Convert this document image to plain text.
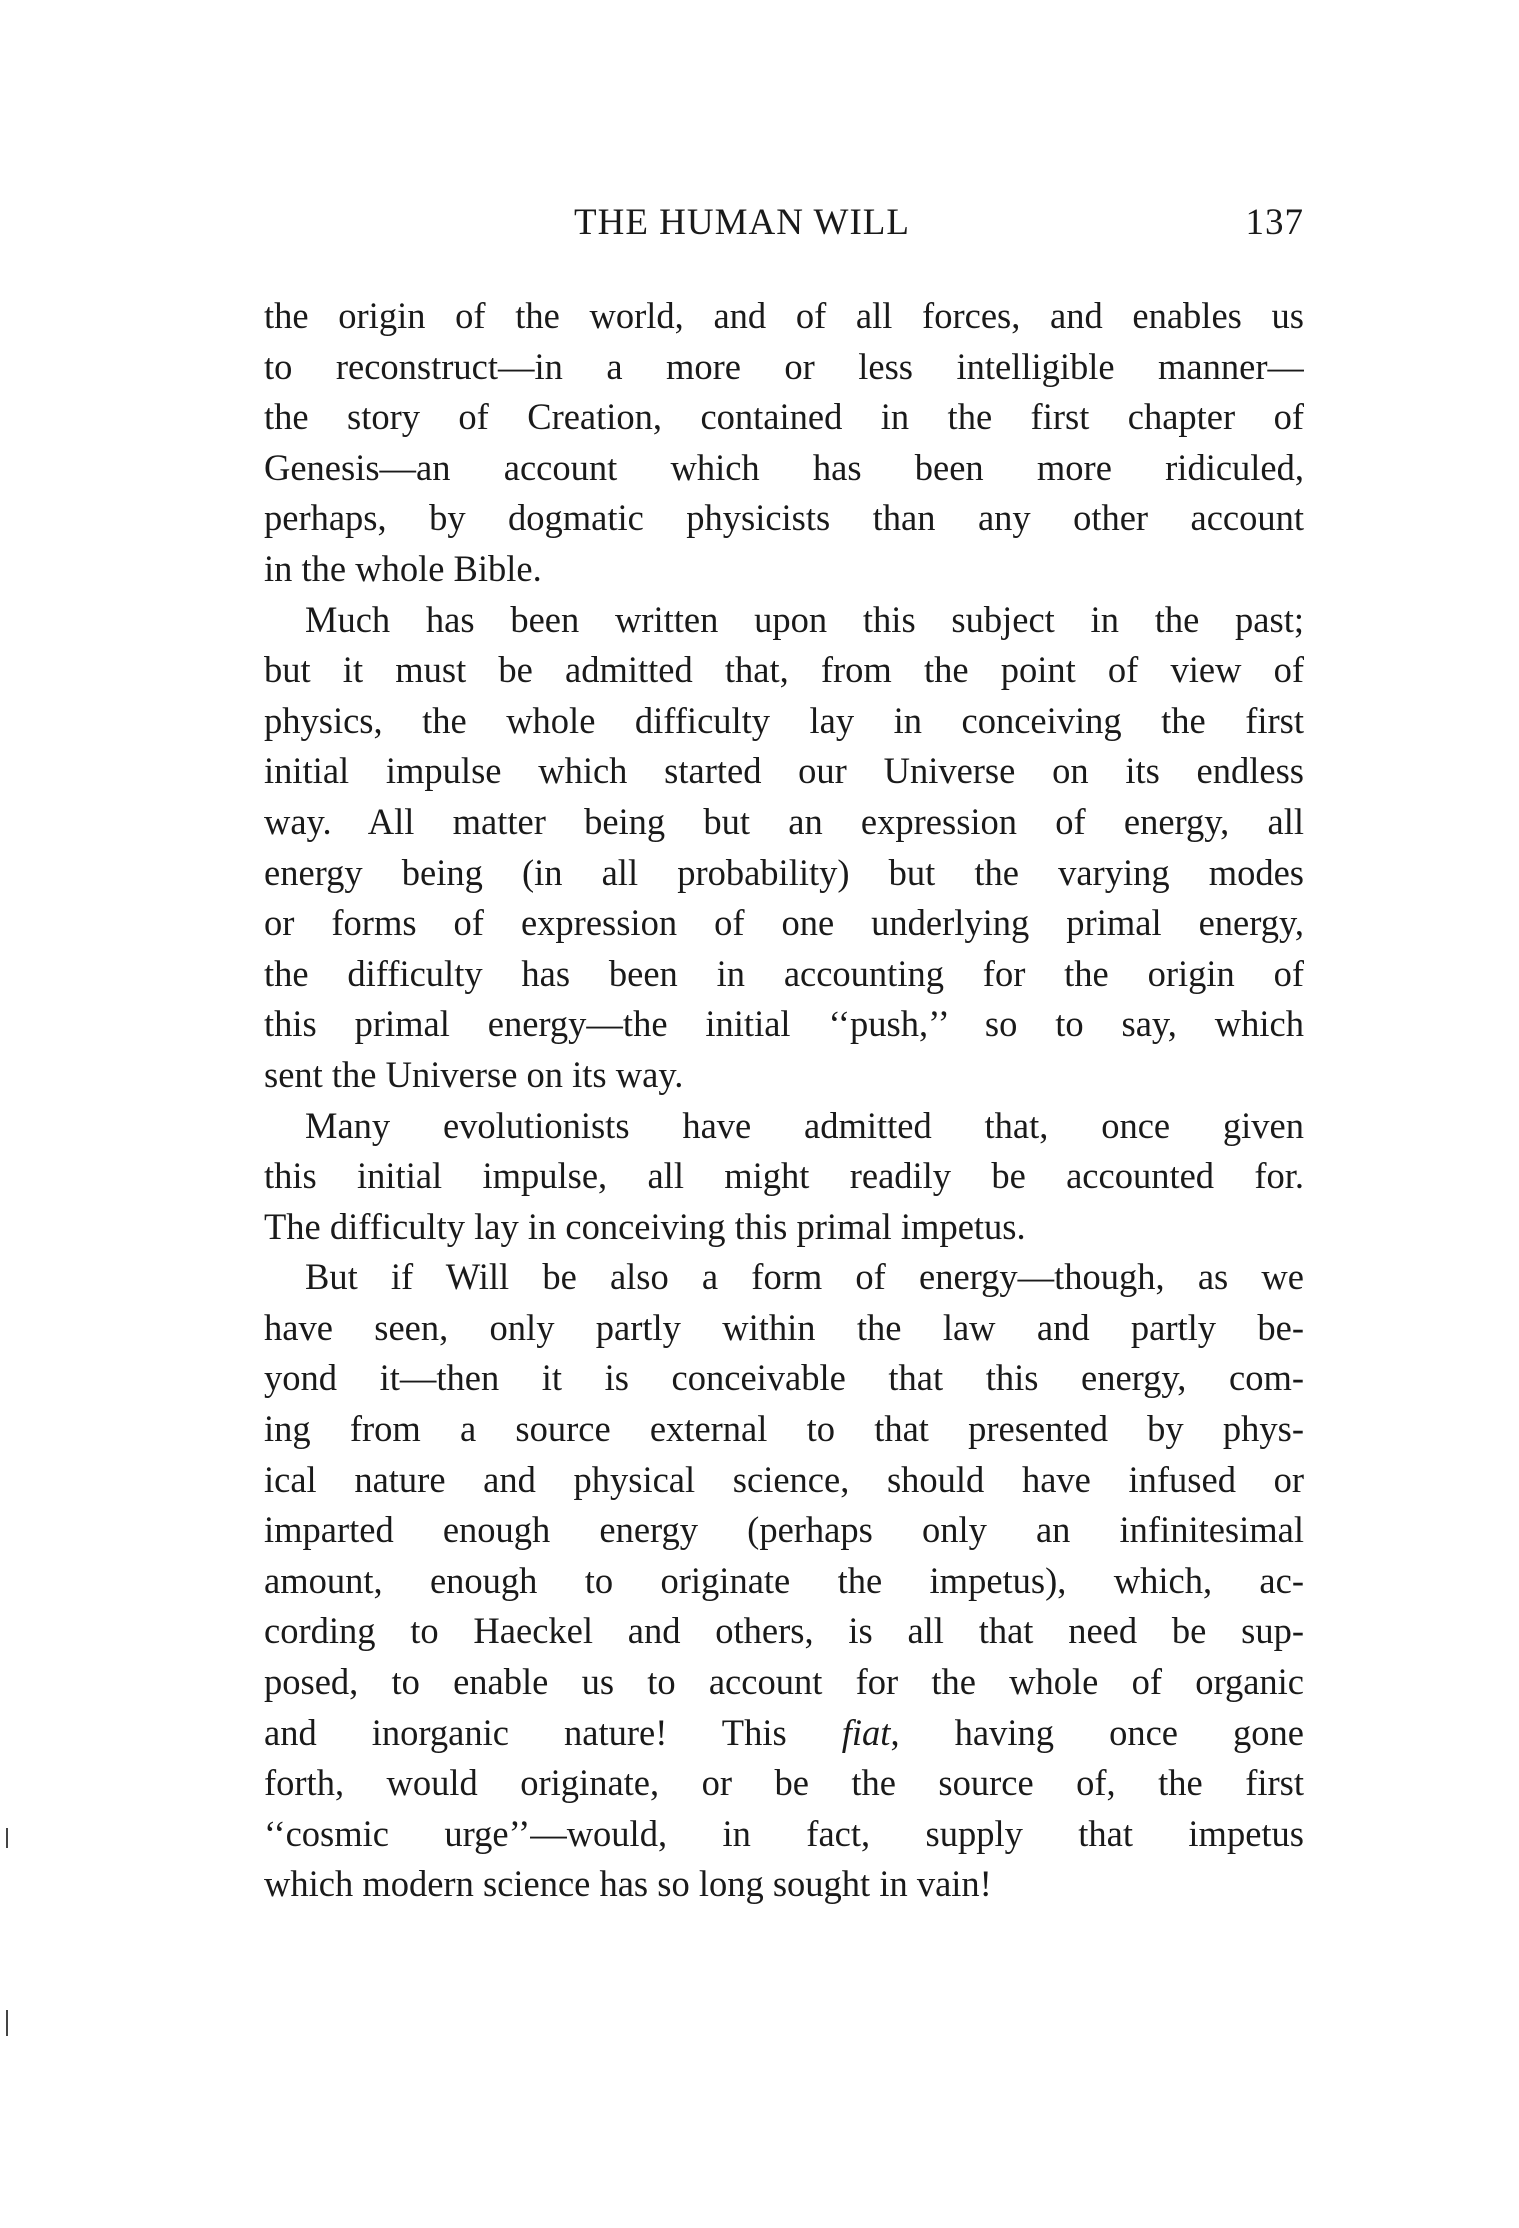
THE HUMAN WILL	137
the origin of the world, and of all forces, and enables us
to reconstruct—in a more or less intelligible manner—
the story of Creation, contained in the first chapter of
Genesis—an account which has been more ridiculed,
perhaps, by dogmatic physicists than any other account
in the whole Bible.
Much has been written upon this subject in the past;
but it must be admitted that, from the point of view of
physics, the whole difficulty lay in conceiving the first
initial impulse which started our Universe on its endless
way. All matter being but an expression of energy, all
energy being (in all probability) but the varying modes
or forms of expression of one underlying primal energy,
the difficulty has been in accounting for the origin of
this primal energy—the initial ‘‘push,’’ so to say, which
sent the Universe on its way.
Many evolutionists have admitted that, once given
this initial impulse, all might readily be accounted for.
The difficulty lay in conceiving this primal impetus.
But if Will be also a form of energy—though, as we
have seen, only partly within the law and partly be-
yond it—then it is conceivable that this energy, com-
ing from a source external to that presented by phys-
ical nature and physical science, should have infused or
imparted enough energy (perhaps only an infinitesimal
amount, enough to originate the impetus), which, ac-
cording to Haeckel and others, is all that need be sup-
posed, to enable us to account for the whole of organic
and inorganic nature! This fiat, having once gone
forth, would originate, or be the source of, the first
‘‘cosmic urge’’—would, in fact, supply that impetus
which modern science has so long sought in vain!
